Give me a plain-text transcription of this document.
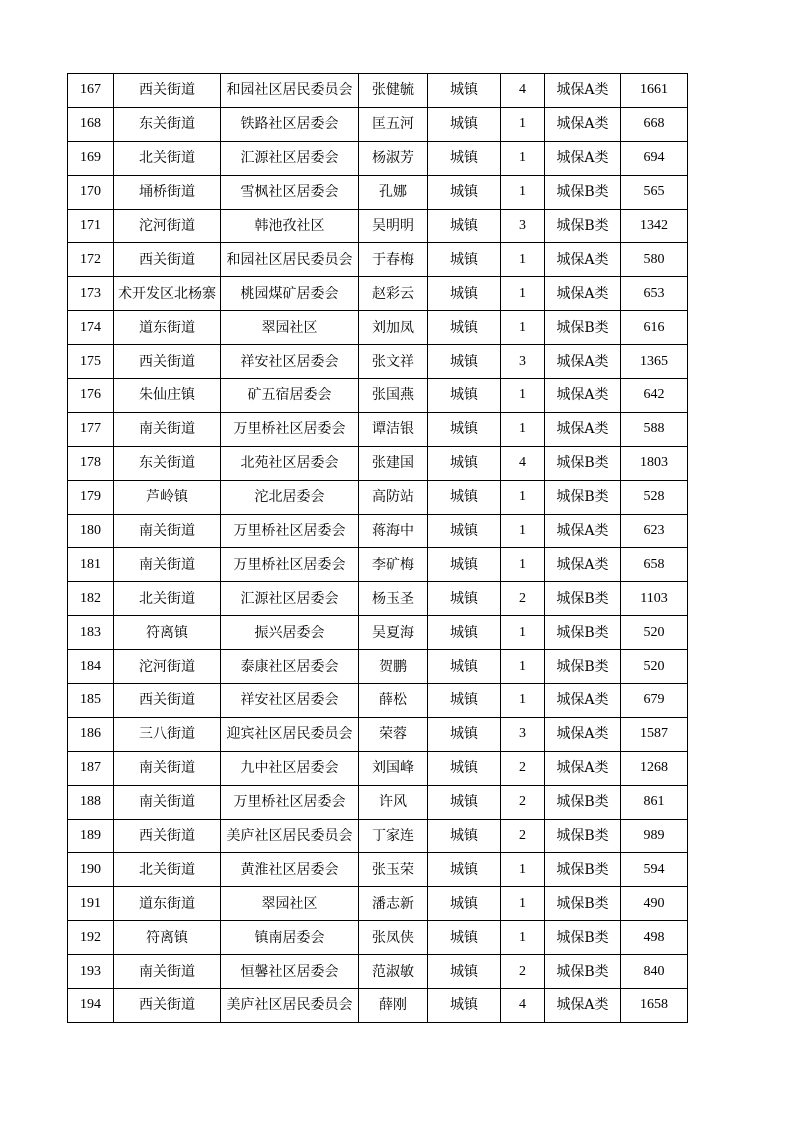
167	西关街道	和园社区居民委员会	张健毓	城镇	4	城保A类	1661
168	东关街道	铁路社区居委会	匡五河	城镇	1	城保A类	668
169	北关街道	汇源社区居委会	杨淑芳	城镇	1	城保A类	694
170	埇桥街道	雪枫社区居委会	孔娜	城镇	1	城保B类	565
171	沱河街道	韩池孜社区	吴明明	城镇	3	城保B类	1342
172	西关街道	和园社区居民委员会	于春梅	城镇	1	城保A类	580
173	术开发区北杨寨	桃园煤矿居委会	赵彩云	城镇	1	城保A类	653
174	道东街道	翠园社区	刘加凤	城镇	1	城保B类	616
175	西关街道	祥安社区居委会	张文祥	城镇	3	城保A类	1365
176	朱仙庄镇	矿五宿居委会	张国燕	城镇	1	城保A类	642
177	南关街道	万里桥社区居委会	谭洁银	城镇	1	城保A类	588
178	东关街道	北苑社区居委会	张建国	城镇	4	城保B类	1803
179	芦岭镇	沱北居委会	高防站	城镇	1	城保B类	528
180	南关街道	万里桥社区居委会	蒋海中	城镇	1	城保A类	623
181	南关街道	万里桥社区居委会	李矿梅	城镇	1	城保A类	658
182	北关街道	汇源社区居委会	杨玉圣	城镇	2	城保B类	1103
183	符离镇	振兴居委会	吴夏海	城镇	1	城保B类	520
184	沱河街道	泰康社区居委会	贺鹏	城镇	1	城保B类	520
185	西关街道	祥安社区居委会	薛松	城镇	1	城保A类	679
186	三八街道	迎宾社区居民委员会	荣蓉	城镇	3	城保A类	1587
187	南关街道	九中社区居委会	刘国峰	城镇	2	城保A类	1268
188	南关街道	万里桥社区居委会	许风	城镇	2	城保B类	861
189	西关街道	美庐社区居民委员会	丁家连	城镇	2	城保B类	989
190	北关街道	黄淮社区居委会	张玉荣	城镇	1	城保B类	594
191	道东街道	翠园社区	潘志新	城镇	1	城保B类	490
192	符离镇	镇南居委会	张凤侠	城镇	1	城保B类	498
193	南关街道	恒馨社区居委会	范淑敏	城镇	2	城保B类	840
194	西关街道	美庐社区居民委员会	薛刚	城镇	4	城保A类	1658
